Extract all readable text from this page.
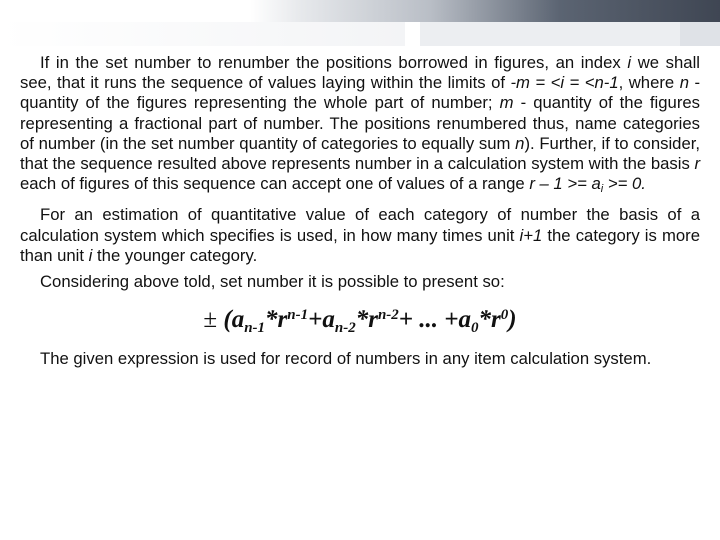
If in the set number to renumber the positions borrowed in figures, an index i we shall see, that it runs the sequence of values laying within the limits of -m = <i = <n-1, where n - quantity of the figures representing the whole part of number; m - quantity of the figures representing a fractional part of number. The positions renumbered thus, name categories of number (in the set number quantity of categories to equally sum n). Further, if to consider, that the sequence resulted above represents number in a calculation system with the basis r each of figures of this sequence can accept one of values of a range $r - 1 >= a_i >= 0$.

For an estimation of quantitative value of each category of number the basis of a calculation system which specifies is used, in how many times unit i+1 the category is more than unit i the younger category.

Considering above told, set number it is possible to present so:

± ($a_{n-1}*r^{n-1}+a_{n-2}*r^{n-2}+$ ... $+a_0*r^0$)

The given expression is used for record of numbers in any item calculation system.
